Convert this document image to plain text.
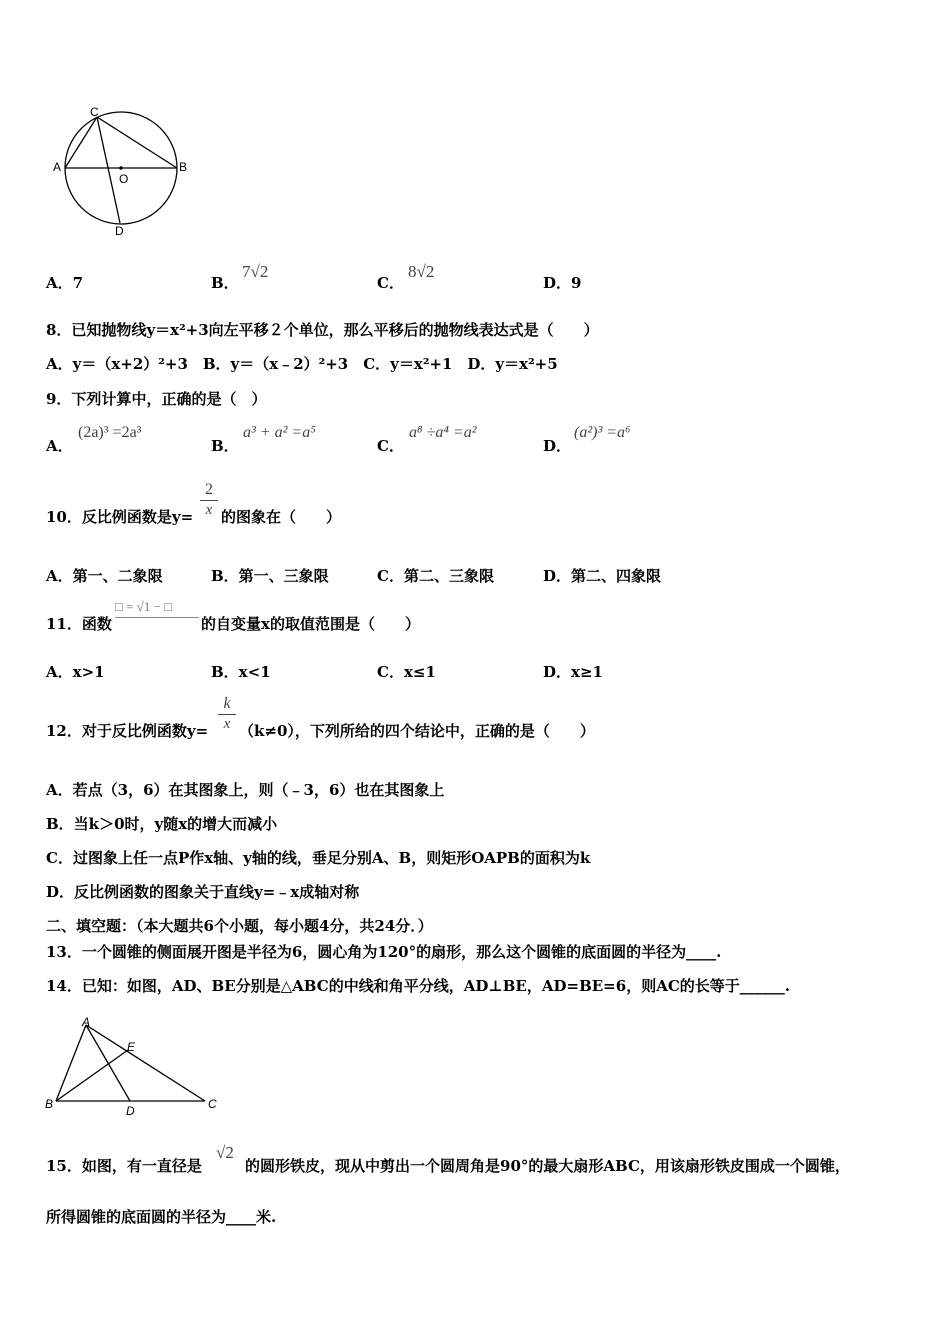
C
A	B
O
D
A．7	B．
7√2
C．
8√2
D．9
8．已知抛物线y＝x²+3向左平移２个单位，那么平移后的抛物线表达式是（　　）
A．y＝（x+2）²+3　B．y＝（x﹣2）²+3　C．y＝x²+1　D．y＝x²+5
9．下列计算中，正确的是（　）
A．
(2a)³ =2a³
B．
a³ + a² =a⁵
C．
a⁸ ÷a⁴ =a²
D．
(a²)³ =a⁶
10．反比例函数是$y= \frac{2}{x}$ 的图象在（　　）
A．第一、二象限	B．第一、三象限	C．第二、三象限	D．第二、四象限
11．函数
□ = √1 − □
的自变量x的取值范围是（　　）
A．x>1	B．x<1	C．x≤1	D．x≥1
12．对于反比例函数$y= \frac{k}{x} (k\ne 0)$，下列所给的四个结论中，正确的是（　　）
A．若点（3，6）在其图象上，则（﹣3，6）也在其图象上
B．当k＞0时，y随x的增大而减小
C．过图象上任一点P作x轴、y轴的线，垂足分别A、B，则矩形OAPB的面积为k
D．反比例函数的图象关于直线y=﹣x成轴对称
二、填空题：（本大题共6个小题，每小题4分，共24分．）
13．一个圆锥的侧面展开图是半径为6，圆心角为120°的扇形，那么这个圆锥的底面圆的半径为____.
14．已知：如图，AD、BE分别是△ABC的中线和角平分线，AD⊥BE，AD=BE=6，则AC的长等于______.
A
E
B	D	C
15．如图，有一直径是
√2
的圆形铁皮，现从中剪出一个圆周角是90°的最大扇形ABC，用该扇形铁皮围成一个圆锥，
所得圆锥的底面圆的半径为____米.
